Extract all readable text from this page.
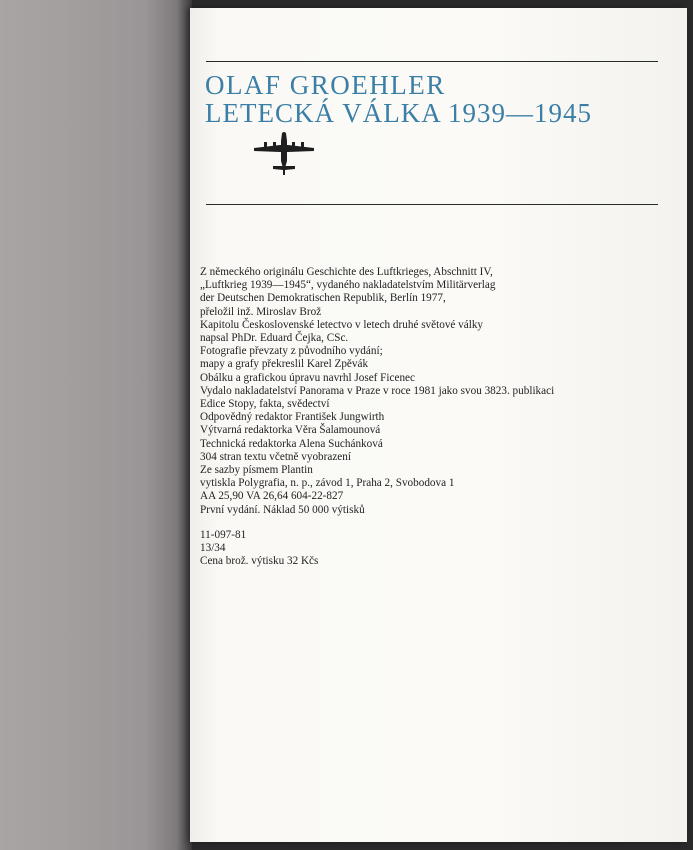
OLAF GROEHLER
LETECKÁ VÁLKA 1939—1945
Z německého originálu Geschichte des Luftkrieges, Abschnitt IV,
„Luftkrieg 1939—1945“, vydaného nakladatelstvím Militärverlag
der Deutschen Demokratischen Republik, Berlín 1977,
přeložil inž. Miroslav Brož
Kapitolu Československé letectvo v letech druhé světové války
napsal PhDr. Eduard Čejka, CSc.
Fotografie převzaty z původního vydání;
mapy a grafy překreslil Karel Zpěvák
Obálku a grafickou úpravu navrhl Josef Ficenec
Vydalo nakladatelství Panorama v Praze v roce 1981 jako svou 3823. publikaci
Edice Stopy, fakta, svědectví
Odpovědný redaktor František Jungwirth
Výtvarná redaktorka Věra Šalamounová
Technická redaktorka Alena Suchánková
304 stran textu včetně vyobrazení
Ze sazby písmem Plantin
vytiskla Polygrafia, n. p., závod 1, Praha 2, Svobodova 1
AA 25,90 VA 26,64 604-22-827
První vydání. Náklad 50 000 výtisků
11-097-81
13/34
Cena brož. výtisku 32 Kčs
